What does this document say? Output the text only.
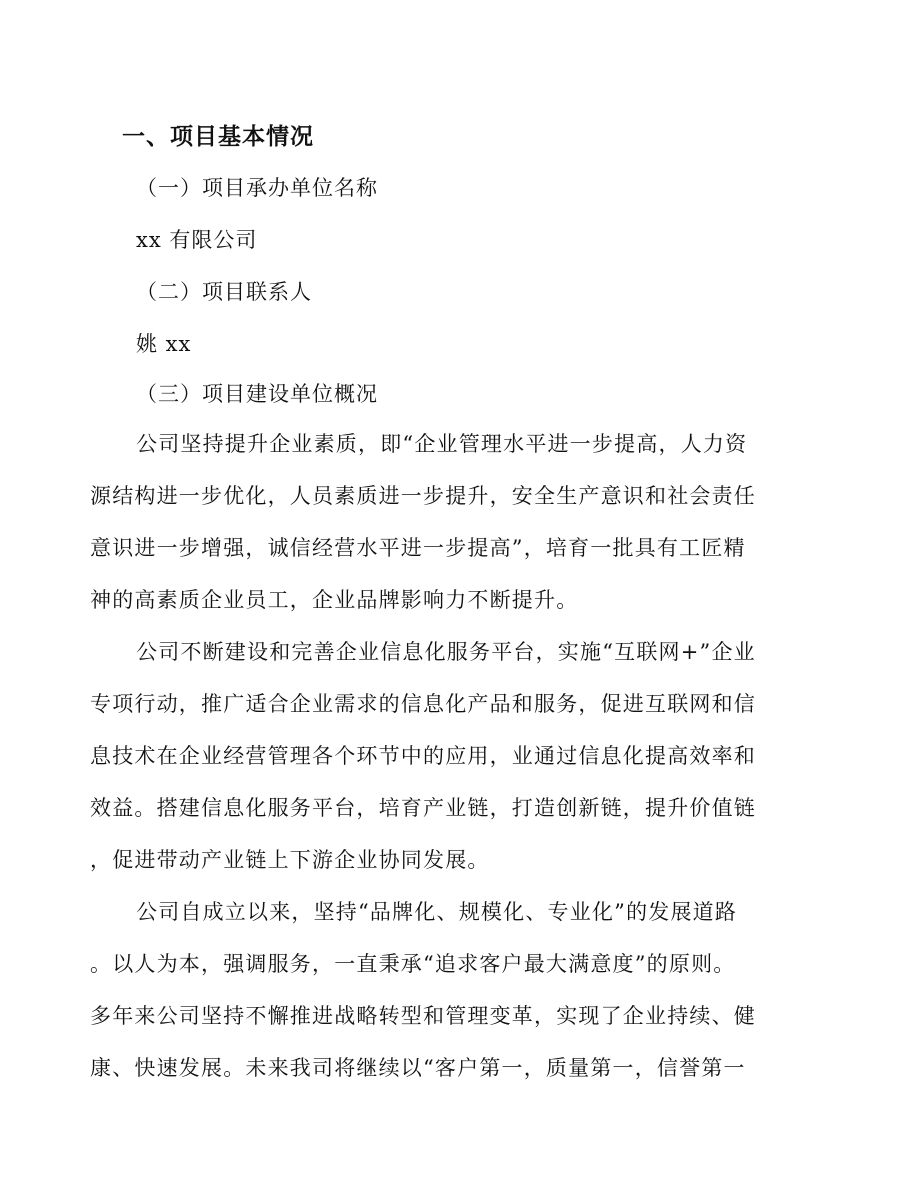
一、项目基本情况
（一）项目承办单位名称
xx 有限公司
（二）项目联系人
姚 xx
（三）项目建设单位概况
公司坚持提升企业素质，即“企业管理水平进一步提高，人力资
源结构进一步优化，人员素质进一步提升，安全生产意识和社会责任
意识进一步增强，诚信经营水平进一步提高”，培育一批具有工匠精
神的高素质企业员工，企业品牌影响力不断提升。
公司不断建设和完善企业信息化服务平台，实施“互联网+”企业
专项行动，推广适合企业需求的信息化产品和服务，促进互联网和信
息技术在企业经营管理各个环节中的应用，业通过信息化提高效率和
效益。搭建信息化服务平台，培育产业链，打造创新链，提升价值链
，促进带动产业链上下游企业协同发展。
公司自成立以来，坚持“品牌化、规模化、专业化”的发展道路
。以人为本，强调服务，一直秉承“追求客户最大满意度”的原则。
多年来公司坚持不懈推进战略转型和管理变革，实现了企业持续、健
康、快速发展。未来我司将继续以“客户第一，质量第一，信誉第一
